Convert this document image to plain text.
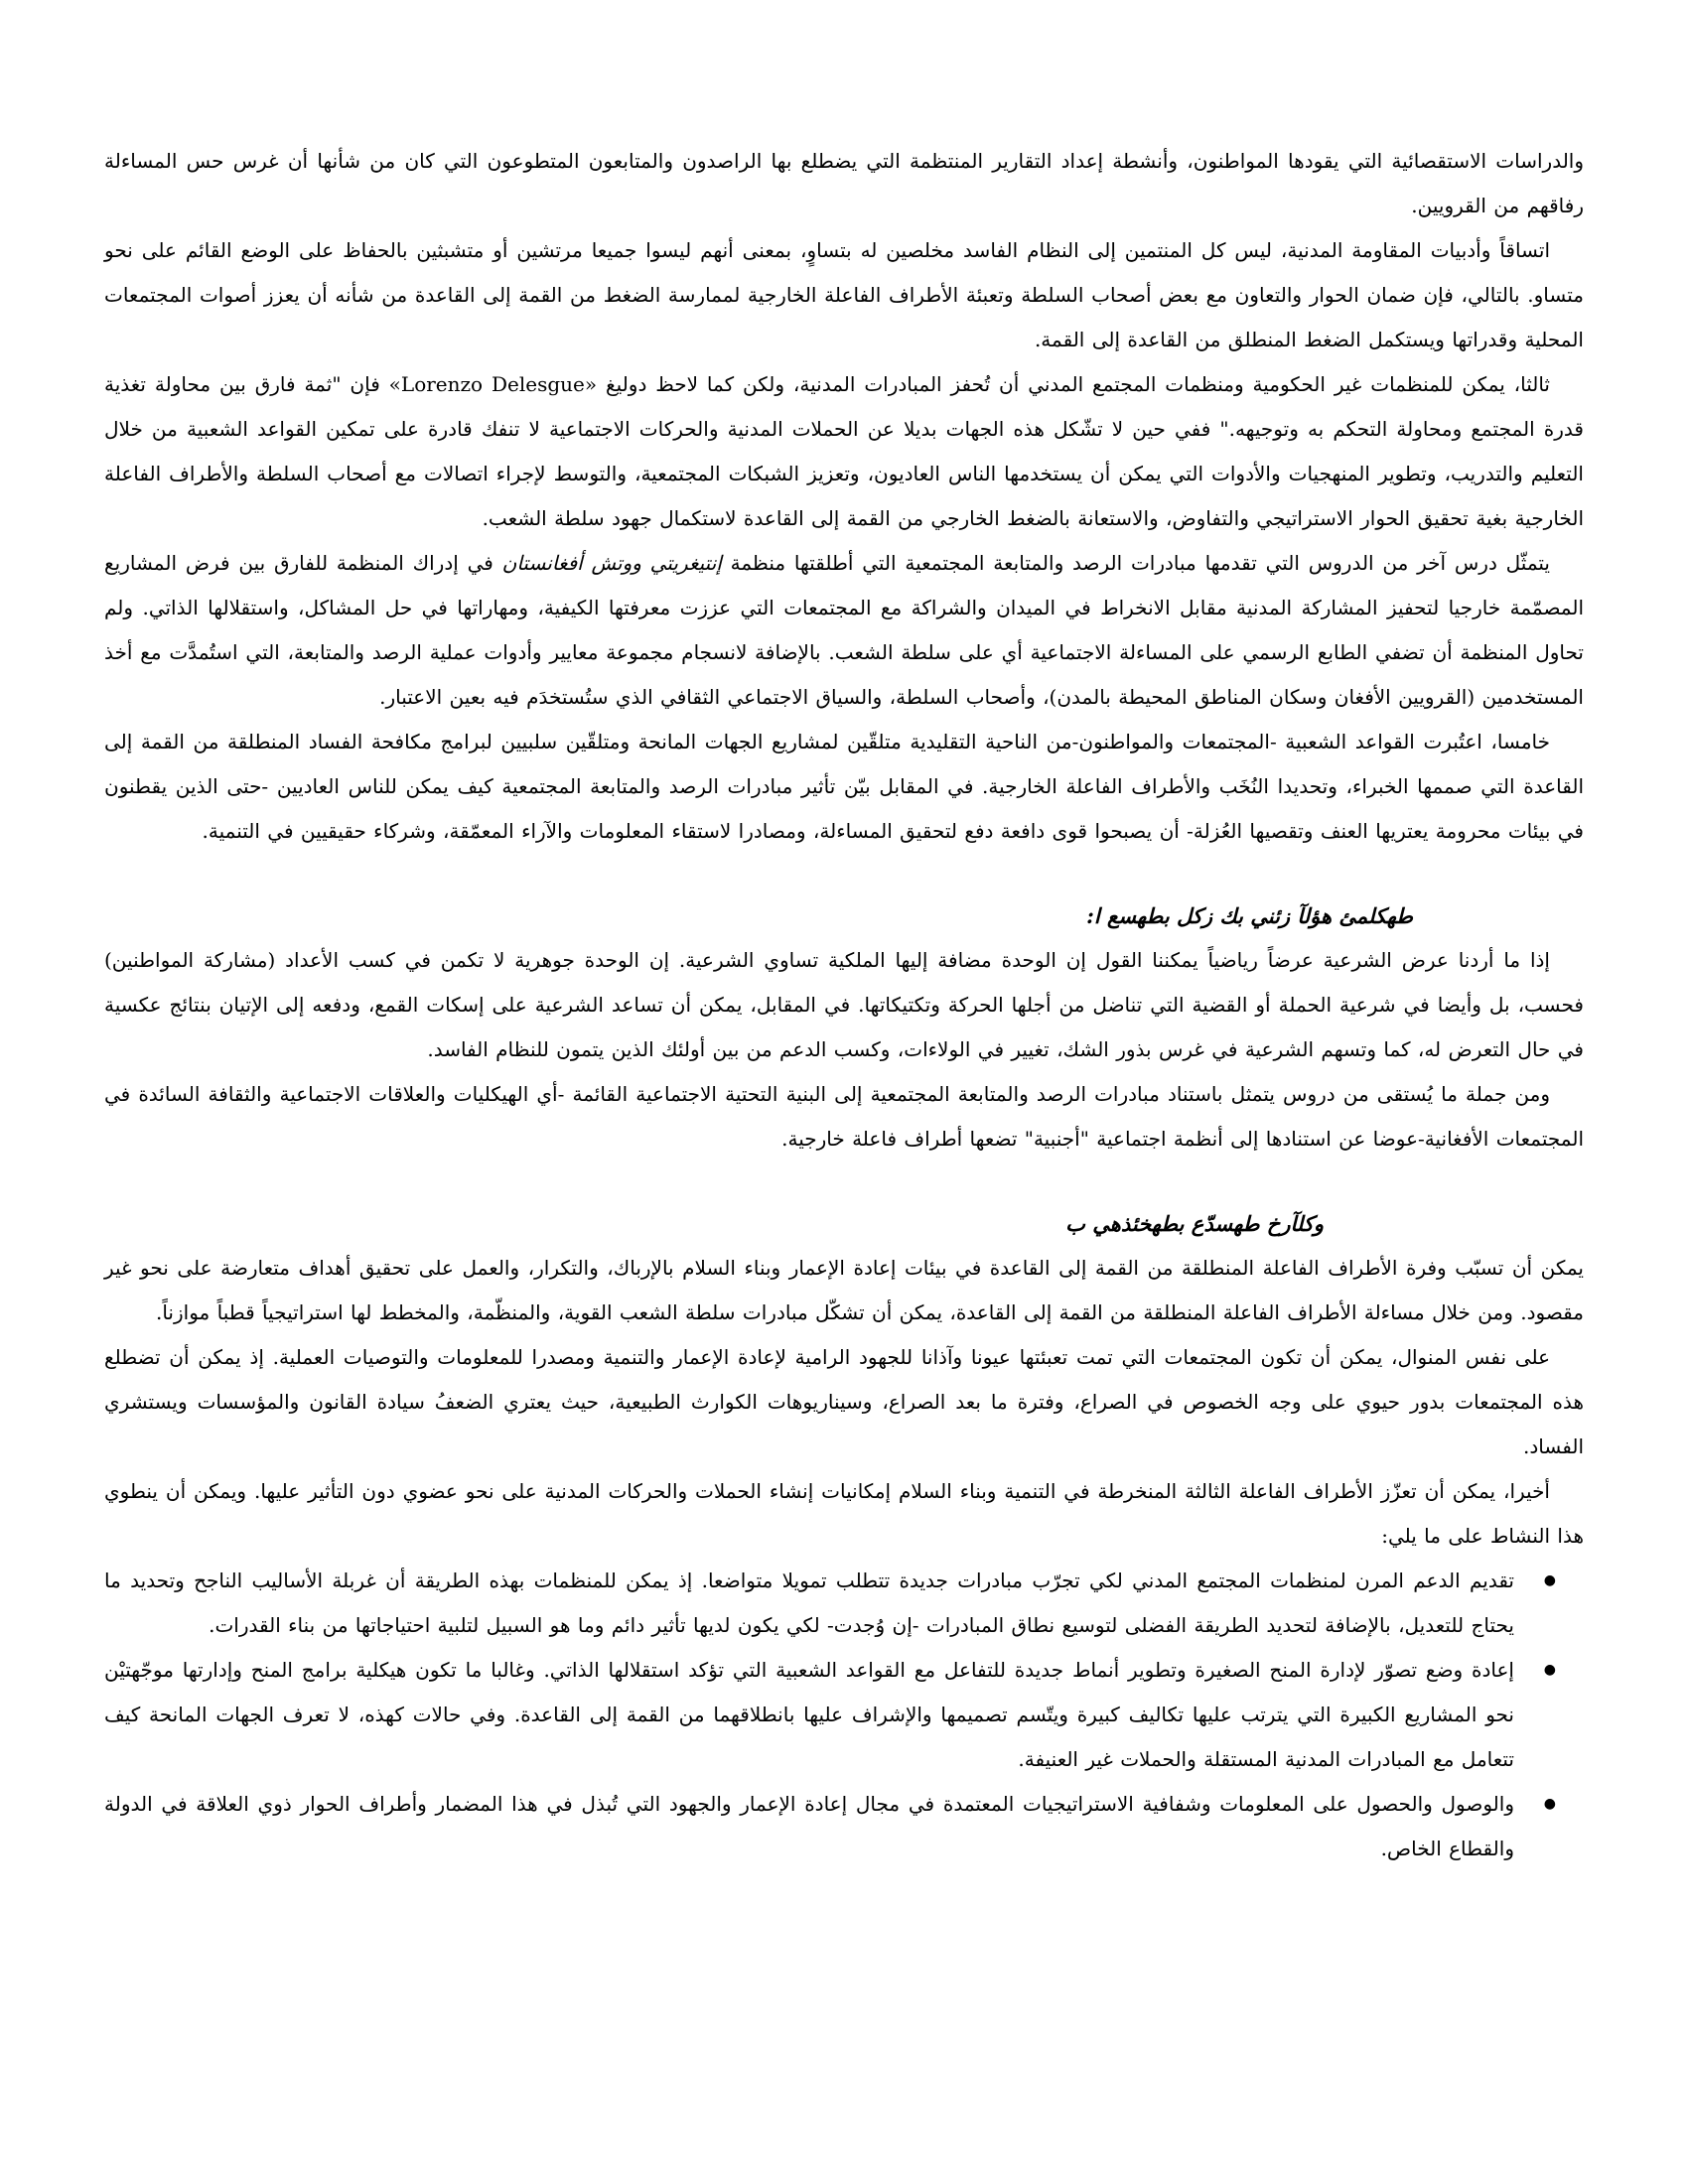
والدراسات الاستقصائية التي يقودها المواطنون، وأنشطة إعداد التقارير المنتظمة التي يضطلع بها الراصدون والمتابعون المتطوعون التي كان من شأنها أن غرس حس المساءلة رفاقهم من القرويين.

اتساقاً وأدبيات المقاومة المدنية، ليس كل المنتمين إلى النظام الفاسد مخلصين له بتساوٍ، بمعنى أنهم ليسوا جميعا مرتشين أو متشبثين بالحفاظ على الوضع القائم على نحو متساو. بالتالي، فإن ضمان الحوار والتعاون مع بعض أصحاب السلطة وتعبئة الأطراف الفاعلة الخارجية لممارسة الضغط من القمة إلى القاعدة من شأنه أن يعزز أصوات المجتمعات المحلية وقدراتها ويستكمل الضغط المنطلق من القاعدة إلى القمة.

ثالثا، يمكن للمنظمات غير الحكومية ومنظمات المجتمع المدني أن تُحفز المبادرات المدنية، ولكن كما لاحظ دوليغ «Lorenzo Delesgue» فإن "ثمة فارق بين محاولة تغذية قدرة المجتمع ومحاولة التحكم به وتوجيهه." ففي حين لا تشّكل هذه الجهات بديلا عن الحملات المدنية والحركات الاجتماعية لا تنفك قادرة على تمكين القواعد الشعبية من خلال التعليم والتدريب، وتطوير المنهجيات والأدوات التي يمكن أن يستخدمها الناس العاديون، وتعزيز الشبكات المجتمعية، والتوسط لإجراء اتصالات مع أصحاب السلطة والأطراف الفاعلة الخارجية بغية تحقيق الحوار الاستراتيجي والتفاوض، والاستعانة بالضغط الخارجي من القمة إلى القاعدة لاستكمال جهود سلطة الشعب.

يتمثّل درس آخر من الدروس التي تقدمها مبادرات الرصد والمتابعة المجتمعية التي أطلقتها منظمة إنتيغريتي ووتش أفغانستان في إدراك المنظمة للفارق بين فرض المشاريع المصمّمة خارجيا لتحفيز المشاركة المدنية مقابل الانخراط في الميدان والشراكة مع المجتمعات التي عززت معرفتها الكيفية، ومهاراتها في حل المشاكل، واستقلالها الذاتي. ولم تحاول المنظمة أن تضفي الطابع الرسمي على المساءلة الاجتماعية أي على سلطة الشعب. بالإضافة لانسجام مجموعة معايير وأدوات عملية الرصد والمتابعة، التي استُمدَّت مع أخذ المستخدمين (القرويين الأفغان وسكان المناطق المحيطة بالمدن)، وأصحاب السلطة، والسياق الاجتماعي الثقافي الذي ستُستخدَم فيه بعين الاعتبار.

خامسا، اعتُبرت القواعد الشعبية -المجتمعات والمواطنون-من الناحية التقليدية متلقّين لمشاريع الجهات المانحة ومتلقّين سلبيين لبرامج مكافحة الفساد المنطلقة من القمة إلى القاعدة التي صممها الخبراء، وتحديدا النُخَب والأطراف الفاعلة الخارجية. في المقابل بيّن تأثير مبادرات الرصد والمتابعة المجتمعية كيف يمكن للناس العاديين -حتى الذين يقطنون في بيئات محرومة يعتريها العنف وتقصيها العُزلة- أن يصبحوا قوى دافعة دفع لتحقيق المساءلة، ومصادرا لاستقاء المعلومات والآراء المعمّقة، وشركاء حقيقيين في التنمية.

طهكلمئ هؤلآ زئني بك زكل بطهسع ا:

إذا ما أردنا عرض الشرعية عرضاً رياضياً يمكننا القول إن الوحدة مضافة إليها الملكية تساوي الشرعية. إن الوحدة جوهرية لا تكمن في كسب الأعداد (مشاركة المواطنين) فحسب، بل وأيضا في شرعية الحملة أو القضية التي تناضل من أجلها الحركة وتكتيكاتها. في المقابل، يمكن أن تساعد الشرعية على إسكات القمع، ودفعه إلى الإتيان بنتائج عكسية في حال التعرض له، كما وتسهم الشرعية في غرس بذور الشك، تغيير في الولاءات، وكسب الدعم من بين أولئك الذين يتمون للنظام الفاسد.

ومن جملة ما يُستقى من دروس يتمثل باستناد مبادرات الرصد والمتابعة المجتمعية إلى البنية التحتية الاجتماعية القائمة -أي الهيكليات والعلاقات الاجتماعية والثقافة السائدة في المجتمعات الأفغانية-عوضا عن استنادها إلى أنظمة اجتماعية "أجنبية" تضعها أطراف فاعلة خارجية.

وكلآرخ طهسدّع بطهخئذهي ب

يمكن أن تسبّب وفرة الأطراف الفاعلة المنطلقة من القمة إلى القاعدة في بيئات إعادة الإعمار وبناء السلام بالإرباك، والتكرار، والعمل على تحقيق أهداف متعارضة على نحو غير مقصود. ومن خلال مساءلة الأطراف الفاعلة المنطلقة من القمة إلى القاعدة، يمكن أن تشكّل مبادرات سلطة الشعب القوية، والمنظّمة، والمخطط لها استراتيجياً قطباً موازناً.

على نفس المنوال، يمكن أن تكون المجتمعات التي تمت تعبئتها عيونا وآذانا للجهود الرامية لإعادة الإعمار والتنمية ومصدرا للمعلومات والتوصيات العملية. إذ يمكن أن تضطلع هذه المجتمعات بدور حيوي على وجه الخصوص في الصراع، وفترة ما بعد الصراع، وسيناريوهات الكوارث الطبيعية، حيث يعتري الضعفُ سيادة القانون والمؤسسات ويستشري الفساد.

أخيرا، يمكن أن تعزّز الأطراف الفاعلة الثالثة المنخرطة في التنمية وبناء السلام إمكانيات إنشاء الحملات والحركات المدنية على نحو عضوي دون التأثير عليها. ويمكن أن ينطوي هذا النشاط على ما يلي:

● تقديم الدعم المرن لمنظمات المجتمع المدني لكي تجرّب مبادرات جديدة تتطلب تمويلا متواضعا. إذ يمكن للمنظمات بهذه الطريقة أن غربلة الأساليب الناجح وتحديد ما يحتاج للتعديل، بالإضافة لتحديد الطريقة الفضلى لتوسيع نطاق المبادرات -إن وُجدت- لكي يكون لديها تأثير دائم وما هو السبيل لتلبية احتياجاتها من بناء القدرات.
● إعادة وضع تصوّر لإدارة المنح الصغيرة وتطوير أنماط جديدة للتفاعل مع القواعد الشعبية التي تؤكد استقلالها الذاتي. وغالبا ما تكون هيكلية برامج المنح وإدارتها موجّهتيْن نحو المشاريع الكبيرة التي يترتب عليها تكاليف كبيرة ويتّسم تصميمها والإشراف عليها بانطلاقهما من القمة إلى القاعدة. وفي حالات كهذه، لا تعرف الجهات المانحة كيف تتعامل مع المبادرات المدنية المستقلة والحملات غير العنيفة.
● والوصول والحصول على المعلومات وشفافية الاستراتيجيات المعتمدة في مجال إعادة الإعمار والجهود التي تُبذل في هذا المضمار وأطراف الحوار ذوي العلاقة في الدولة والقطاع الخاص.
